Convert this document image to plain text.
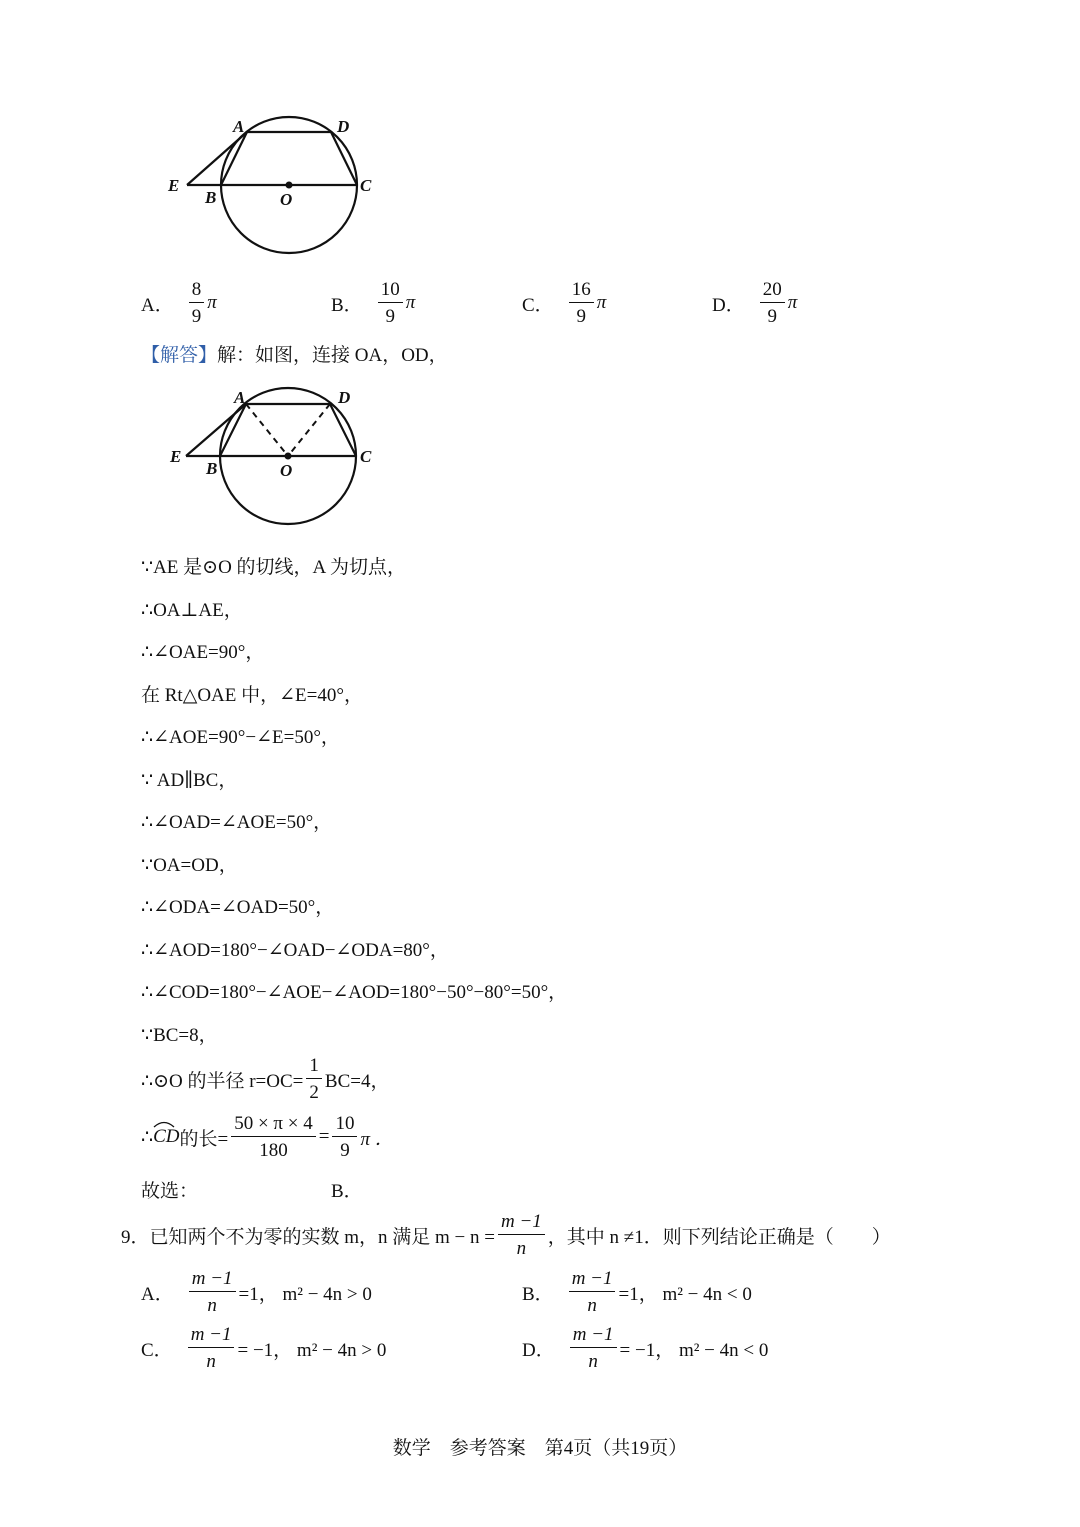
A	D
E
B	O
C
A． $\frac{8}{9}$ π	B． $\frac{10}{9}$ π	C． $\frac{16}{9}$ π	D． $\frac{20}{9}$ π
【解答】解：如图，连接 OA，OD，
A	D
E
B	O
C
∵AE 是⊙O 的切线，A 为切点，
∴OA⊥AE，
∴∠OAE=90°，
在 Rt△OAE 中，∠E=40°，
∴∠AOE=90°−∠E=50°，
∵ AD∥BC，
∴∠OAD=∠AOE=50°，
∵OA=OD，
∴∠ODA=∠OAD=50°，
∴∠AOD=180°−∠OAD−∠ODA=80°，
∴∠COD=180°−∠AOE−∠AOD=180°−50°−80°=50°，
∵BC=8，
∴⊙O 的半径 $r=OC= \frac{1}{2} BC=4$，
∴ CD 的长= $\frac{50 \times \pi \times 4}{180} = \frac{10}{9}$ π ．
故选：	B．
9．已知两个不为零的实数 m，n 满足 $m - n = \frac{m -1}{n}$ ，其中 n ≠1．则下列结论正确是（　　）
A． $\frac{m -1}{n} =1$， m² − 4n > 0	B． $\frac{m -1}{n} =1$， m² − 4n < 0
C． $\frac{m -1}{n} = -1$， m² − 4n > 0	D． $\frac{m -1}{n} = -1$， m² − 4n < 0
数学　参考答案　第4页（共19页）
